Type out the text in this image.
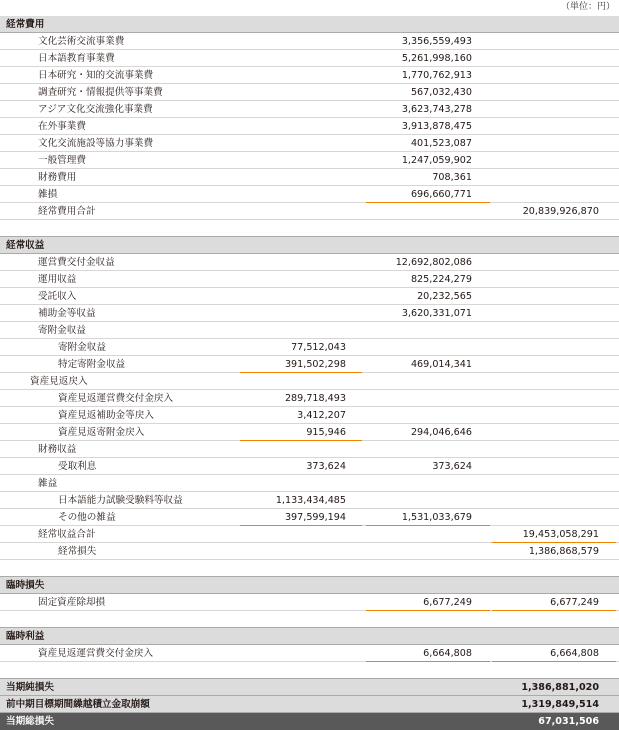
（単位：円）
経常費用
文化芸術交流事業費	3,356,559,493
日本語教育事業費	5,261,998,160
日本研究・知的交流事業費	1,770,762,913
調査研究・情報提供等事業費	567,032,430
アジア文化交流強化事業費	3,623,743,278
在外事業費	3,913,878,475
文化交流施設等協力事業費	401,523,087
一般管理費	1,247,059,902
財務費用	708,361
雑損	696,660,771
経常費用合計	20,839,926,870
経常収益
運営費交付金収益	12,692,802,086
運用収益	825,224,279
受託収入	20,232,565
補助金等収益	3,620,331,071
寄附金収益
寄附金収益	77,512,043
特定寄附金収益	391,502,298	469,014,341
資産見返戻入
資産見返運営費交付金戻入	289,718,493
資産見返補助金等戻入	3,412,207
資産見返寄附金戻入	915,946	294,046,646
財務収益
受取利息	373,624	373,624
雑益
日本語能力試験受験料等収益	1,133,434,485
その他の雑益	397,599,194	1,531,033,679
経常収益合計	19,453,058,291
経常損失	1,386,868,579
臨時損失
固定資産除却損	6,677,249	6,677,249
臨時利益
資産見返運営費交付金戻入	6,664,808	6,664,808
当期純損失	1,386,881,020
前中期目標期間繰越積立金取崩額	1,319,849,514
当期総損失	67,031,506
